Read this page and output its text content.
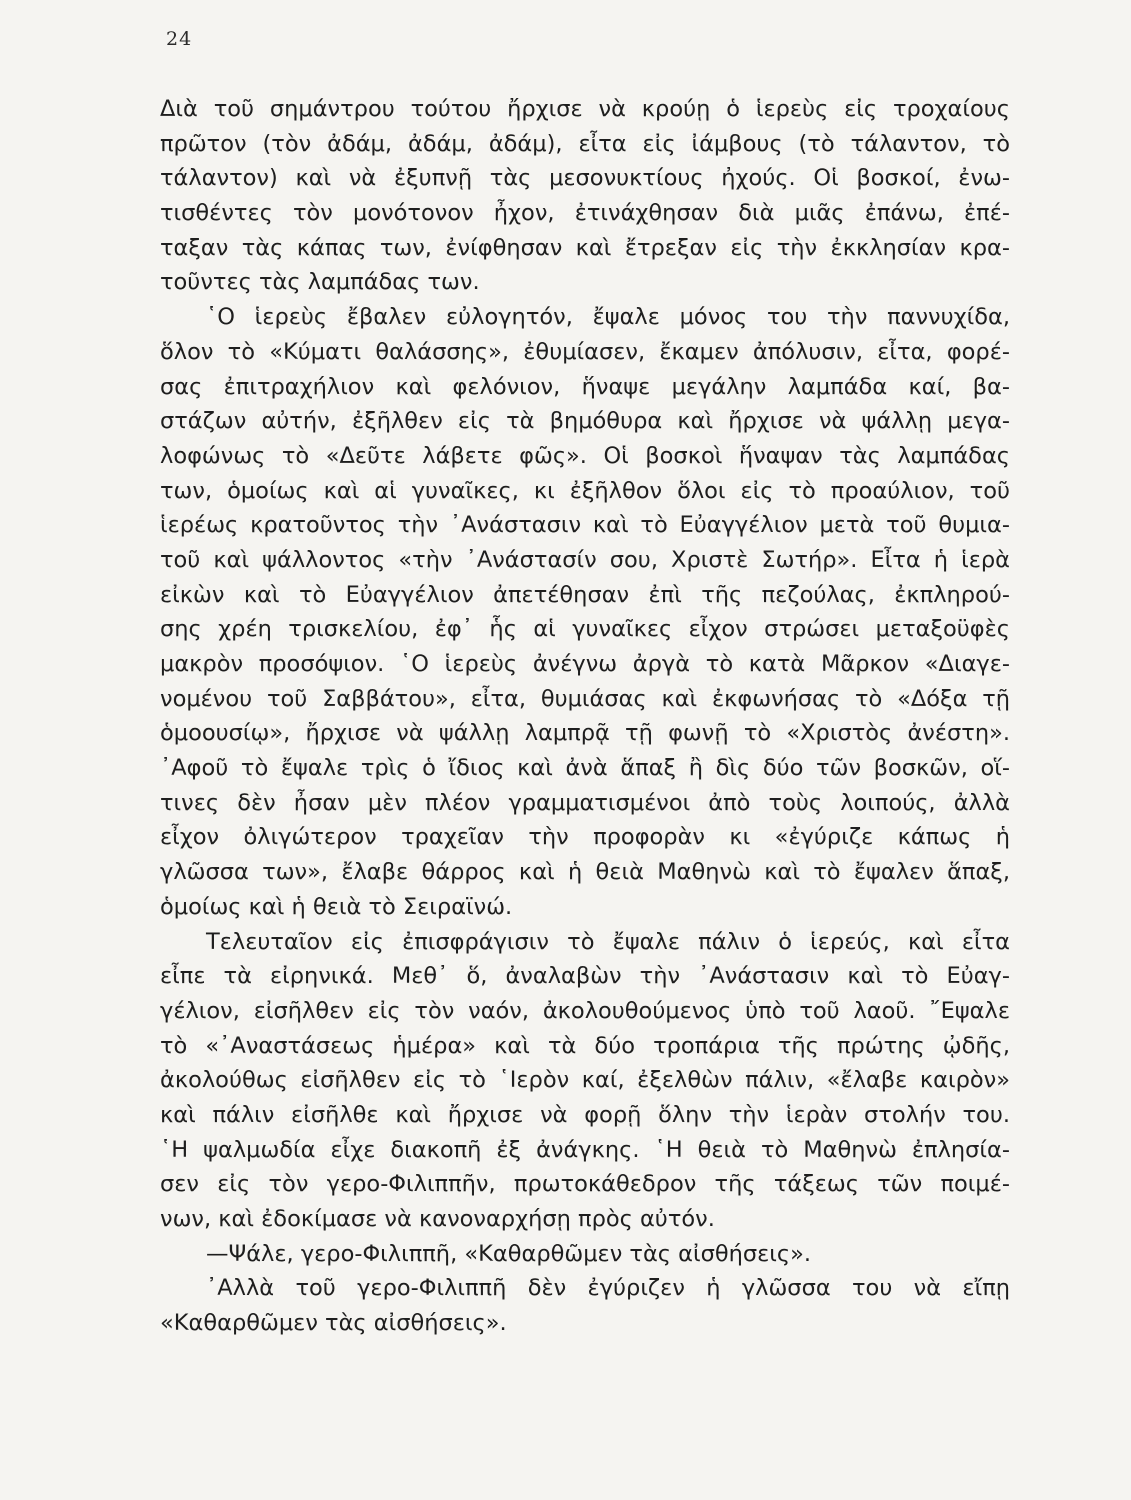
24
Διὰ τοῦ σημάντρου τούτου ἤρχισε νὰ κρούῃ ὁ ἱερεὺς εἰς τροχαίους
πρῶτον (τὸν ἀδάμ, ἀδάμ, ἀδάμ), εἶτα εἰς ἰάμβους (τὸ τάλαντον, τὸ
τάλαντον) καὶ νὰ ἐξυπνῇ τὰς μεσονυκτίους ἠχούς. Οἱ βοσκοί, ἐνω-
τισθέντες τὸν μονότονον ἦχον, ἐτινάχθησαν διὰ μιᾶς ἐπάνω, ἐπέ-
ταξαν τὰς κάπας των, ἐνίφθησαν καὶ ἔτρεξαν εἰς τὴν ἐκκλησίαν κρα-
τοῦντες τὰς λαμπάδας των.
῾Ο ἱερεὺς ἔβαλεν εὐλογητόν, ἔψαλε μόνος του τὴν παννυχίδα,
ὅλον τὸ «Κύματι θαλάσσης», ἐθυμίασεν, ἔκαμεν ἀπόλυσιν, εἶτα, φορέ-
σας ἐπιτραχήλιον καὶ φελόνιον, ἥναψε μεγάλην λαμπάδα καί, βα-
στάζων αὐτήν, ἐξῆλθεν εἰς τὰ βημόθυρα καὶ ἤρχισε νὰ ψάλλῃ μεγα-
λοφώνως τὸ «Δεῦτε λάβετε φῶς». Οἱ βοσκοὶ ἥναψαν τὰς λαμπάδας
των, ὁμοίως καὶ αἱ γυναῖκες, κι ἐξῆλθον ὅλοι εἰς τὸ προαύλιον, τοῦ
ἱερέως κρατοῦντος τὴν ᾿Ανάστασιν καὶ τὸ Εὐαγγέλιον μετὰ τοῦ θυμια-
τοῦ καὶ ψάλλοντος «τὴν ᾿Ανάστασίν σου, Χριστὲ Σωτήρ». Εἶτα ἡ ἱερὰ
εἰκὼν καὶ τὸ Εὐαγγέλιον ἀπετέθησαν ἐπὶ τῆς πεζούλας, ἐκπληρού-
σης χρέη τρισκελίου, ἐφ᾿ ἧς αἱ γυναῖκες εἶχον στρώσει μεταξοϋφὲς
μακρὸν προσόψιον. ῾Ο ἱερεὺς ἀνέγνω ἀργὰ τὸ κατὰ Μᾶρκον «Διαγε-
νομένου τοῦ Σαββάτου», εἶτα, θυμιάσας καὶ ἐκφωνήσας τὸ «Δόξα τῇ
ὁμοουσίῳ», ἤρχισε νὰ ψάλλῃ λαμπρᾷ τῇ φωνῇ τὸ «Χριστὸς ἀνέστη».
᾿Αφοῦ τὸ ἔψαλε τρὶς ὁ ἴδιος καὶ ἀνὰ ἅπαξ ἢ δὶς δύο τῶν βοσκῶν, οἵ-
τινες δὲν ἦσαν μὲν πλέον γραμματισμένοι ἀπὸ τοὺς λοιπούς, ἀλλὰ
εἶχον ὀλιγώτερον τραχεῖαν τὴν προφορὰν κι «ἐγύριζε κάπως ἡ
γλῶσσα των», ἔλαβε θάρρος καὶ ἡ θειὰ Μαθηνὼ καὶ τὸ ἔψαλεν ἅπαξ,
ὁμοίως καὶ ἡ θειὰ τὸ Σειραϊνώ.
Τελευταῖον εἰς ἐπισφράγισιν τὸ ἔψαλε πάλιν ὁ ἱερεύς, καὶ εἶτα
εἶπε τὰ εἰρηνικά. Μεθ᾿ ὅ, ἀναλαβὼν τὴν ᾿Ανάστασιν καὶ τὸ Εὐαγ-
γέλιον, εἰσῆλθεν εἰς τὸν ναόν, ἀκολουθούμενος ὑπὸ τοῦ λαοῦ. ῎Εψαλε
τὸ «᾿Αναστάσεως ἡμέρα» καὶ τὰ δύο τροπάρια τῆς πρώτης ᾠδῆς,
ἀκολούθως εἰσῆλθεν εἰς τὸ ῾Ιερὸν καί, ἐξελθὼν πάλιν, «ἔλαβε καιρὸν»
καὶ πάλιν εἰσῆλθε καὶ ἤρχισε νὰ φορῇ ὅλην τὴν ἱερὰν στολήν του.
῾Η ψαλμωδία εἶχε διακοπῆ ἐξ ἀνάγκης. ῾Η θειὰ τὸ Μαθηνὼ ἐπλησία-
σεν εἰς τὸν γερο-Φιλιππῆν, πρωτοκάθεδρον τῆς τάξεως τῶν ποιμέ-
νων, καὶ ἐδοκίμασε νὰ κανοναρχήσῃ πρὸς αὐτόν.
—Ψάλε, γερο-Φιλιππῆ, «Καθαρθῶμεν τὰς αἰσθήσεις».
᾿Αλλὰ τοῦ γερο-Φιλιππῆ δὲν ἐγύριζεν ἡ γλῶσσα του νὰ εἴπῃ
«Καθαρθῶμεν τὰς αἰσθήσεις».
